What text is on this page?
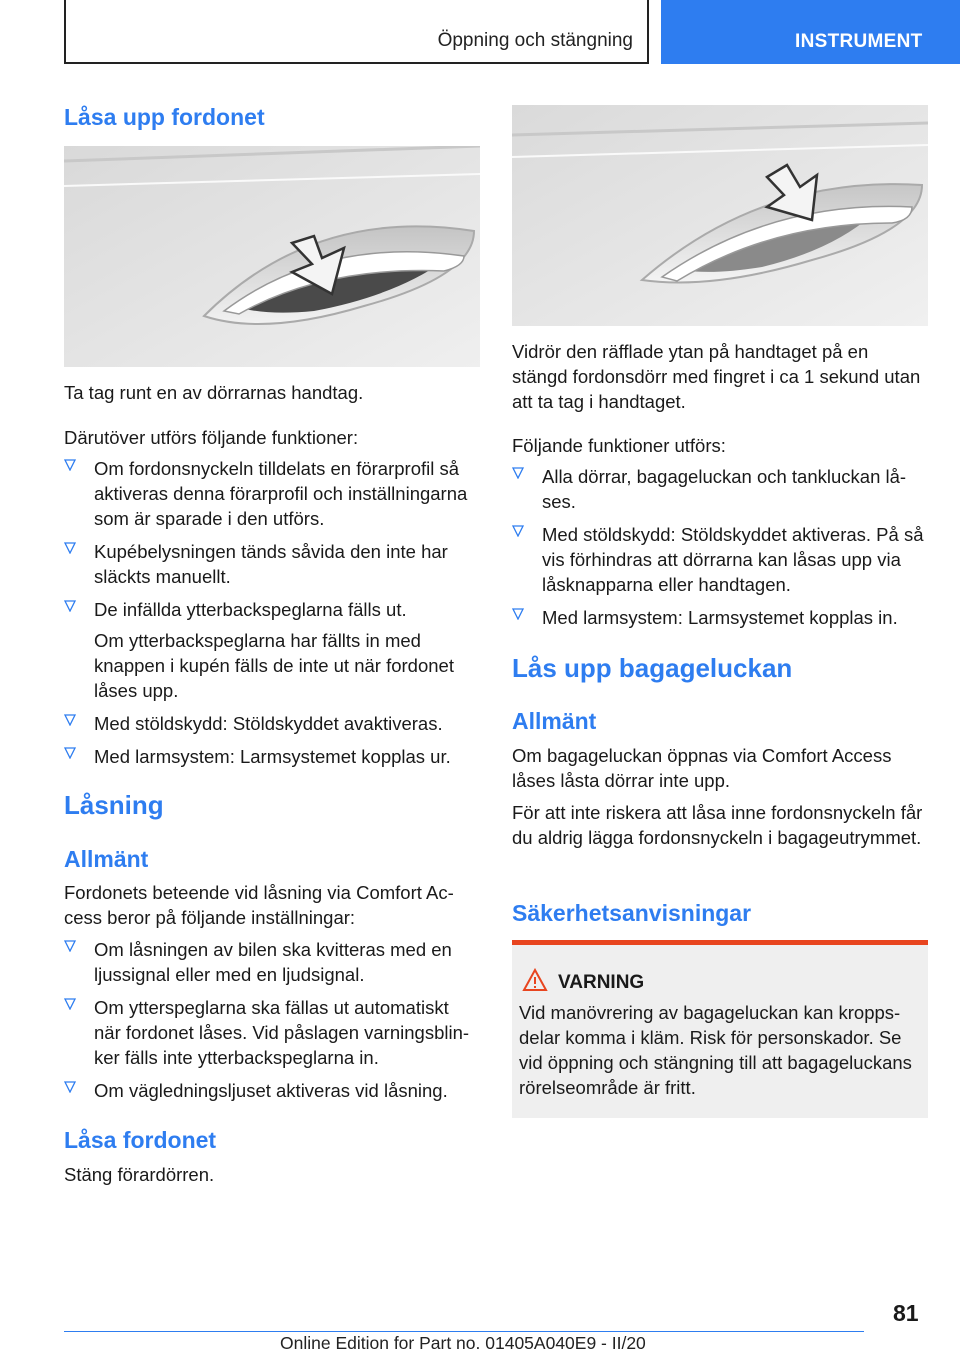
Öppning och stängning	INSTRUMENT
Låsa upp fordonet

Ta tag runt en av dörrarnas handtag.

Därutöver utförs följande funktioner:

Om fordonsnyckeln tilldelats en förarprofil så aktiveras denna förarprofil och inställningarna som är sparade i den utförs.
Kupébelysningen tänds såvida den inte har släckts manuellt.
De infällda ytterbackspeglarna fälls ut.
Om ytterbackspeglarna har fällts in med knappen i kupén fälls de inte ut när fordonet låses upp.
Med stöldskydd: Stöldskyddet avaktiveras.
Med larmsystem: Larmsystemet kopplas ur.
Låsning
Allmänt

Fordonets beteende vid låsning via Comfort Access beror på följande inställningar:

Om låsningen av bilen ska kvitteras med en ljussignal eller med en ljudsignal.
Om ytterspeglarna ska fällas ut automatiskt när fordonet låses. Vid påslagen varningsblinker fälls inte ytterbackspeglarna in.
Om vägledningsljuset aktiveras vid låsning.
Låsa fordonet

Stäng förardörren.

Vidrör den räfflade ytan på handtaget på en stängd fordonsdörr med fingret i ca 1 sekund utan att ta tag i handtaget.

Följande funktioner utförs:

Alla dörrar, bagageluckan och tankluckan låses.
Med stöldskydd: Stöldskyddet aktiveras. På så vis förhindras att dörrarna kan låsas upp via låsknapparna eller handtagen.
Med larmsystem: Larmsystemet kopplas in.
Lås upp bagageluckan
Allmänt

Om bagageluckan öppnas via Comfort Access låses låsta dörrar inte upp.

För att inte riskera att låsa inne fordonsnyckeln får du aldrig lägga fordonsnyckeln i bagageutrymmet.

Säkerhetsanvisningar
VARNING

Vid manövrering av bagageluckan kan kroppsdelar komma i kläm. Risk för personskador. Se vid öppning och stängning till att bagageluckans rörelseområde är fritt.

81
Online Edition for Part no. 01405A040E9 - II/20
